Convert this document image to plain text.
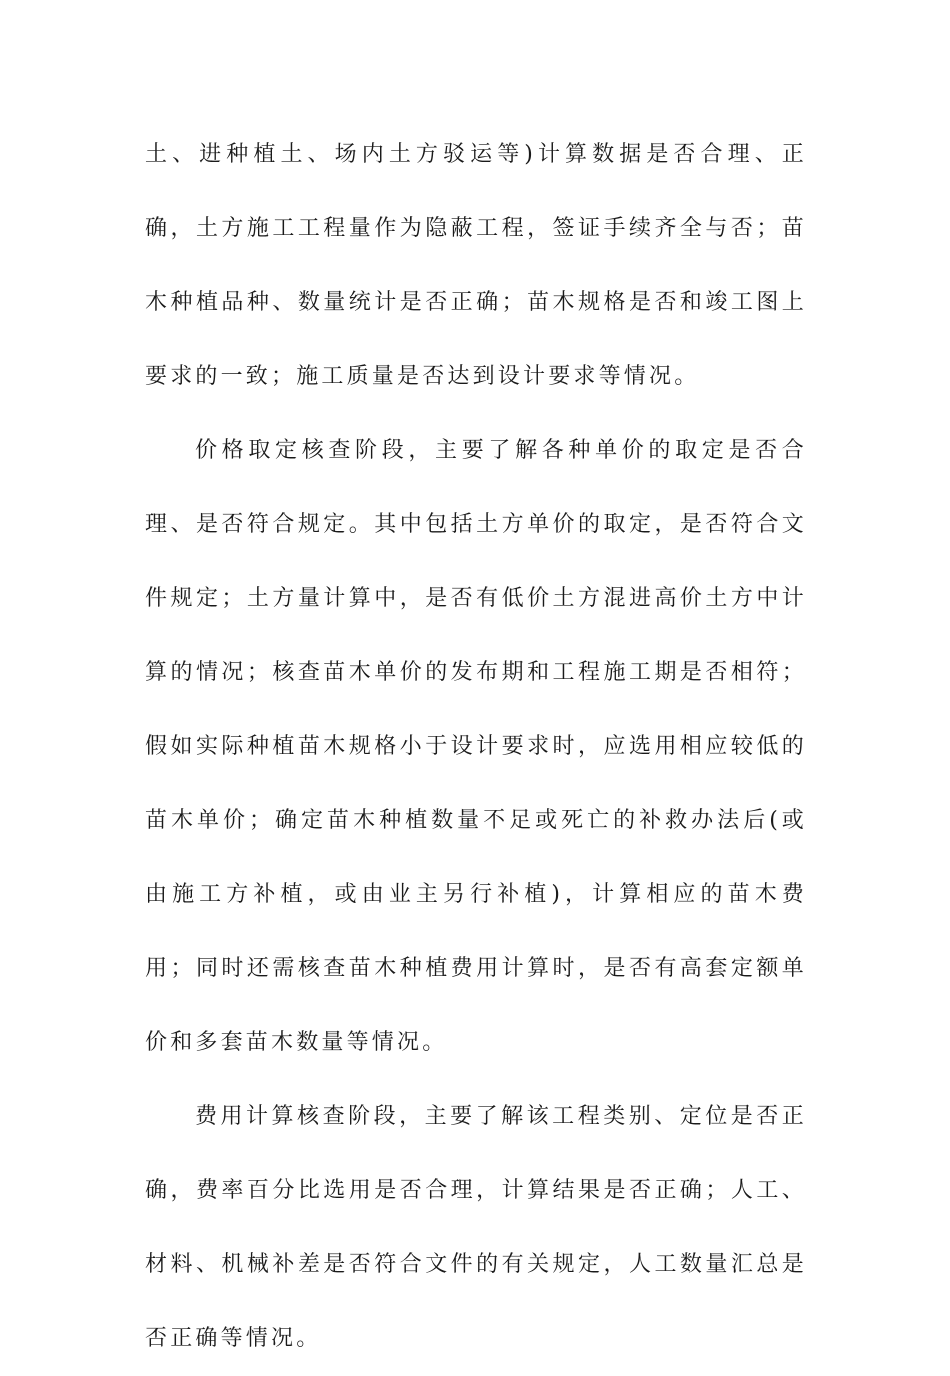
土、进种植土、场内土方驳运等)计算数据是否合理、正确，土方施工工程量作为隐蔽工程，签证手续齐全与否；苗木种植品种、数量统计是否正确；苗木规格是否和竣工图上要求的一致；施工质量是否达到设计要求等情况。

价格取定核查阶段，主要了解各种单价的取定是否合理、是否符合规定。其中包括土方单价的取定，是否符合文件规定；土方量计算中，是否有低价土方混进高价土方中计算的情况；核查苗木单价的发布期和工程施工期是否相符；假如实际种植苗木规格小于设计要求时，应选用相应较低的苗木单价；确定苗木种植数量不足或死亡的补救办法后(或由施工方补植，或由业主另行补植)，计算相应的苗木费用；同时还需核查苗木种植费用计算时，是否有高套定额单价和多套苗木数量等情况。

费用计算核查阶段，主要了解该工程类别、定位是否正确，费率百分比选用是否合理，计算结果是否正确；人工、材料、机械补差是否符合文件的有关规定，人工数量汇总是否正确等情况。
